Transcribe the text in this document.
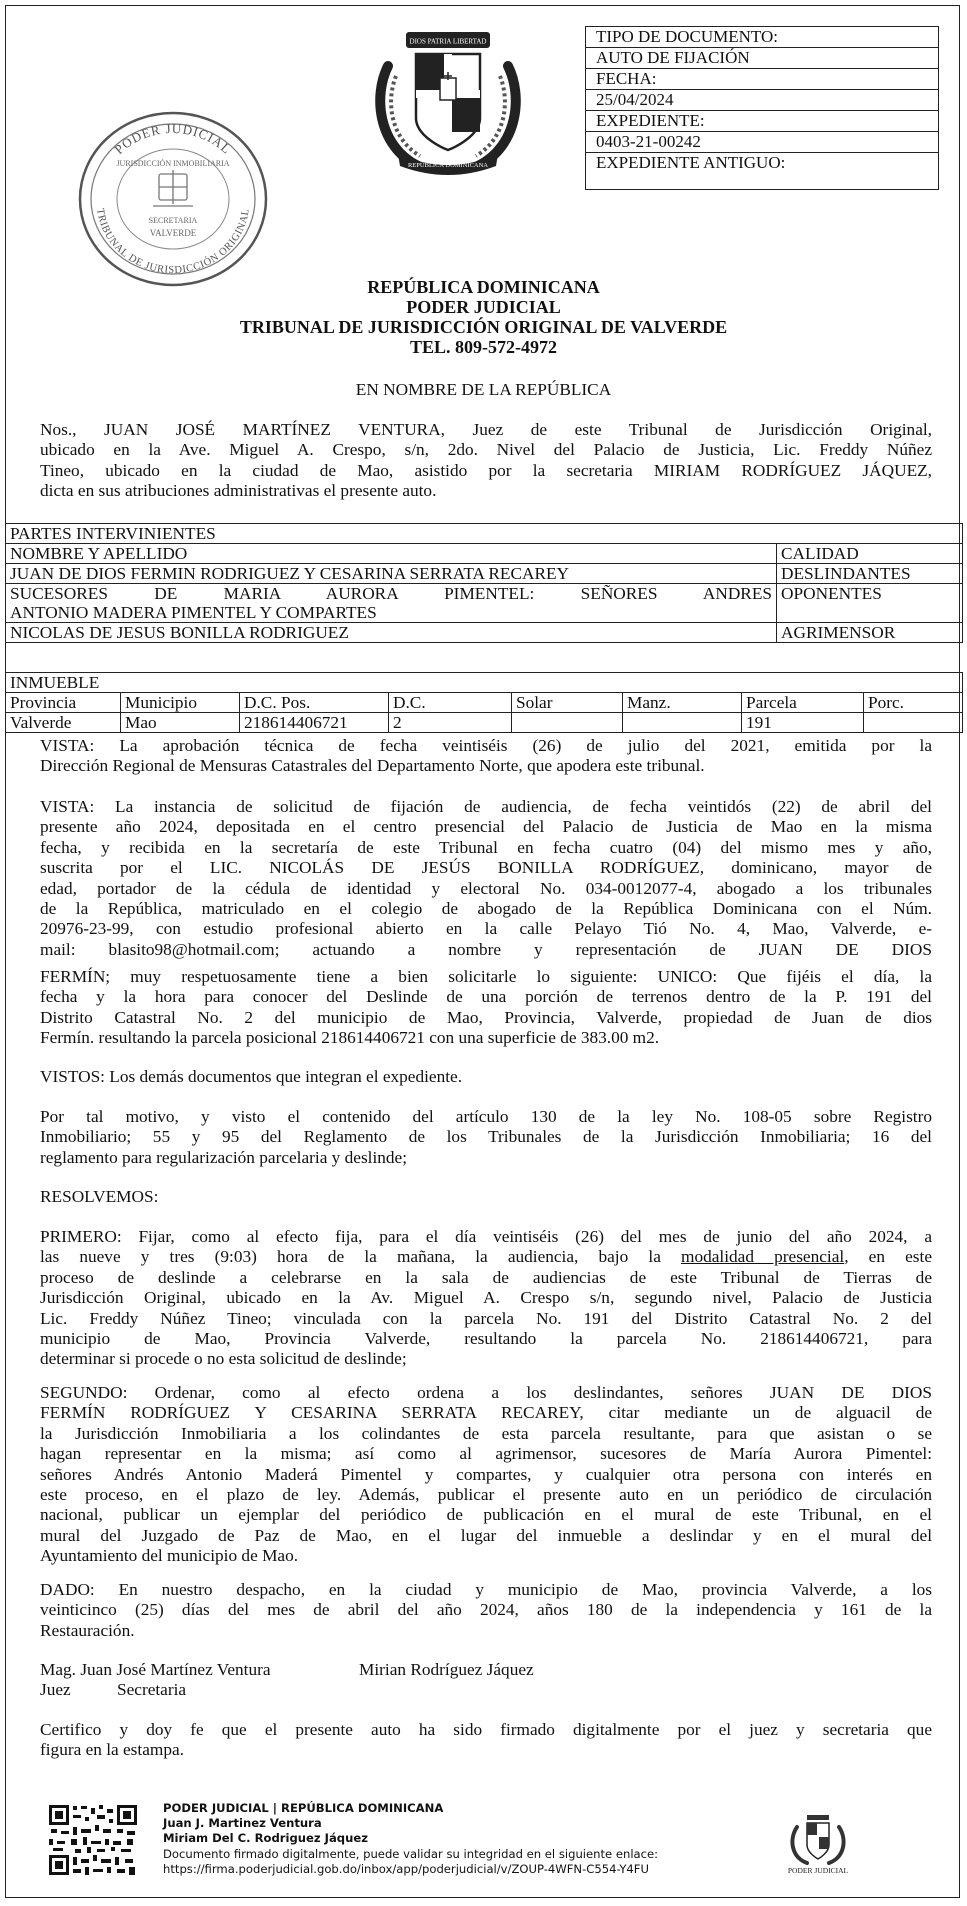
PODER JUDICIAL
TRIBUNAL DE JURISDICCIÓN ORIGINAL
JURISDICCIÓN INMOBILIARIA
SECRETARIA
VALVERDE
DIOS PATRIA LIBERTAD
REPÚBLICA DOMINICANA
TIPO DE DOCUMENTO:
AUTO DE FIJACIÓN
FECHA:
25/04/2024
EXPEDIENTE:
0403-21-00242
EXPEDIENTE ANTIGUO:
REPÚBLICA DOMINICANA
PODER JUDICIAL
TRIBUNAL DE JURISDICCIÓN ORIGINAL DE VALVERDE
TEL. 809-572-4972
EN NOMBRE DE LA REPÚBLICA
Nos., JUAN JOSÉ MARTÍNEZ VENTURA, Juez de este Tribunal de Jurisdicción Original,
ubicado en la Ave. Miguel A. Crespo, s/n, 2do. Nivel del Palacio de Justicia, Lic. Freddy Núñez
Tineo, ubicado en la ciudad de Mao, asistido por la secretaria MIRIAM RODRÍGUEZ JÁQUEZ,
dicta en sus atribuciones administrativas el presente auto.
PARTES INTERVINIENTES	
NOMBRE Y APELLIDO	CALIDAD
JUAN DE DIOS FERMIN RODRIGUEZ Y CESARINA SERRATA RECAREY	DESLINDANTES

SUCESORES DE MARIA AURORA PIMENTEL: SEÑORES ANDRES
ANTONIO MADERA PIMENTEL Y COMPARTES	OPONENTES
NICOLAS DE JESUS BONILLA RODRIGUEZ	AGRIMENSOR
INMUEBLE							
Provincia	Municipio	D.C. Pos.	D.C.	Solar	Manz.	Parcela	Porc.
Valverde	Mao	218614406721	2			191	
VISTA: La aprobación técnica de fecha veintiséis (26) de julio del 2021, emitida por la
Dirección Regional de Mensuras Catastrales del Departamento Norte, que apodera este tribunal.
VISTA: La instancia de solicitud de fijación de audiencia, de fecha veintidós (22) de abril del
presente año 2024, depositada en el centro presencial del Palacio de Justicia de Mao en la misma
fecha, y recibida en la secretaría de este Tribunal en fecha cuatro (04) del mismo mes y año,
suscrita por el LIC. NICOLÁS DE JESÚS BONILLA RODRÍGUEZ, dominicano, mayor de
edad, portador de la cédula de identidad y electoral No. 034-0012077-4, abogado a los tribunales
de la República, matriculado en el colegio de abogado de la República Dominicana con el Núm.
20976-23-99, con estudio profesional abierto en la calle Pelayo Tió No. 4, Mao, Valverde, e-
mail: blasito98@hotmail.com; actuando a nombre y representación de JUAN DE DIOS
FERMÍN; muy respetuosamente tiene a bien solicitarle lo siguiente: UNICO: Que fijéis el día, la
fecha y la hora para conocer del Deslinde de una porción de terrenos dentro de la P. 191 del
Distrito Catastral No. 2 del municipio de Mao, Provincia, Valverde, propiedad de Juan de dios
Fermín. resultando la parcela posicional 218614406721 con una superficie de 383.00 m2.
VISTOS: Los demás documentos que integran el expediente.
Por tal motivo, y visto el contenido del artículo 130 de la ley No. 108-05 sobre Registro
Inmobiliario; 55 y 95 del Reglamento de los Tribunales de la Jurisdicción Inmobiliaria; 16 del
reglamento para regularización parcelaria y deslinde;
RESOLVEMOS:
PRIMERO: Fijar, como al efecto fija, para el día veintiséis (26) del mes de junio del año 2024, a
las nueve y tres (9:03) hora de la mañana, la audiencia, bajo la modalidad presencial, en este
proceso de deslinde a celebrarse en la sala de audiencias de este Tribunal de Tierras de
Jurisdicción Original, ubicado en la Av. Miguel A. Crespo s/n, segundo nivel, Palacio de Justicia
Lic. Freddy Núñez Tineo; vinculada con la parcela No. 191 del Distrito Catastral No. 2 del
municipio de Mao, Provincia Valverde, resultando la parcela No. 218614406721, para
determinar si procede o no esta solicitud de deslinde;
SEGUNDO: Ordenar, como al efecto ordena a los deslindantes, señores JUAN DE DIOS
FERMÍN RODRÍGUEZ Y CESARINA SERRATA RECAREY, citar mediante un de alguacil de
la Jurisdicción Inmobiliaria a los colindantes de esta parcela resultante, para que asistan o se
hagan representar en la misma; así como al agrimensor, sucesores de María Aurora Pimentel:
señores Andrés Antonio Maderá Pimentel y compartes, y cualquier otra persona con interés en
este proceso, en el plazo de ley. Además, publicar el presente auto en un periódico de circulación
nacional, publicar un ejemplar del periódico de publicación en el mural de este Tribunal, en el
mural del Juzgado de Paz de Mao, en el lugar del inmueble a deslindar y en el mural del
Ayuntamiento del municipio de Mao.
DADO: En nuestro despacho, en la ciudad y municipio de Mao, provincia Valverde, a los
veinticinco (25) días del mes de abril del año 2024, años 180 de la independencia y 161 de la
Restauración.
Mag. Juan José Martínez Ventura	Mirian Rodríguez Jáquez
Juez	Secretaria
Certifico y doy fe que el presente auto ha sido firmado digitalmente por el juez y secretaria que
figura en la estampa.
PODER JUDICIAL | REPÚBLICA DOMINICANA
Juan J. Martinez Ventura
Miriam Del C. Rodriguez Jáquez
Documento firmado digitalmente, puede validar su integridad en el siguiente enlace:
https://firma.poderjudicial.gob.do/inbox/app/poderjudicial/v/ZOUP-4WFN-C554-Y4FU	PODER JUDICIAL
